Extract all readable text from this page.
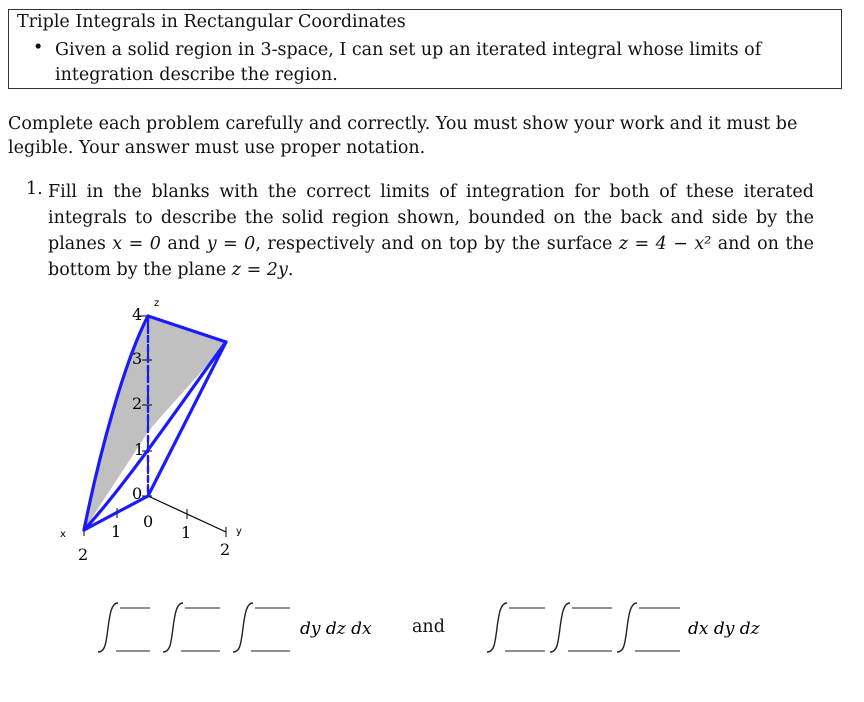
Triple Integrals in Rectangular Coordinates
• Given a solid region in 3-space, I can set up an iterated integral whose limits of integration describe the region.
Complete each problem carefully and correctly. You must show your work and it must be legible. Your answer must use proper notation.
1. Fill in the blanks with the correct limits of integration for both of these iterated integrals to describe the solid region shown, bounded on the back and side by the planes x = 0 and y = 0, respectively and on top by the surface z = 4 − x² and on the bottom by the plane z = 2y.
z
y
x
4
3
2
1
0
1
2
0
1
2
dy dz dx	dx dy dz
and
